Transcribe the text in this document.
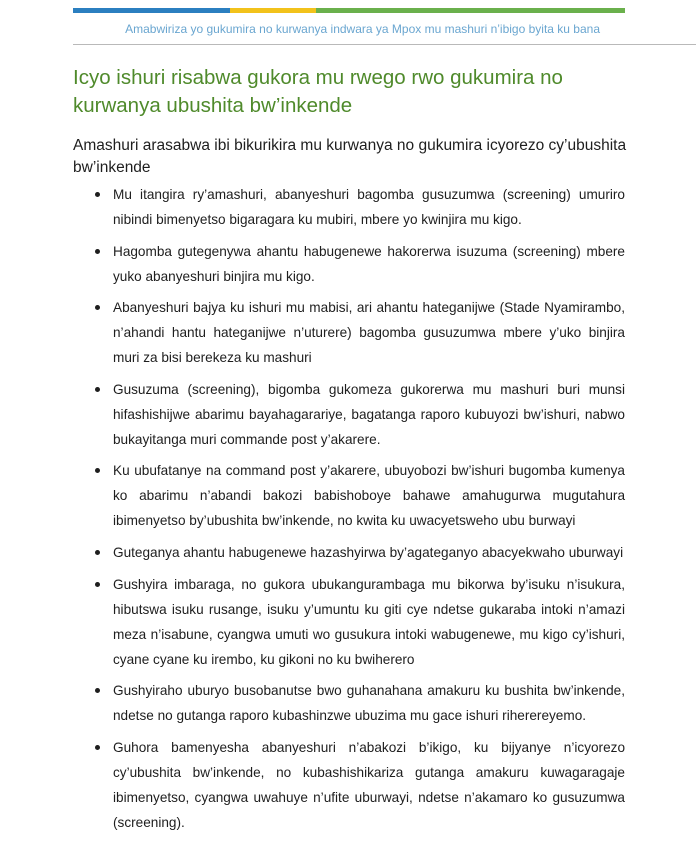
Amabwiriza yo gukumira no kurwanya indwara ya Mpox mu mashuri n’ibigo byita ku bana
Icyo ishuri risabwa gukora mu rwego rwo gukumira no kurwanya ubushita bw’inkende

Amashuri arasabwa ibi bikurikira mu kurwanya no gukumira icyorezo cy’ubushita bw’inkende

Mu itangira ry’amashuri, abanyeshuri bagomba gusuzumwa (screening) umuriro nibindi bimenyetso bigaragara ku mubiri, mbere yo kwinjira mu kigo.
Hagomba gutegenywa ahantu habugenewe hakorerwa isuzuma (screening) mbere yuko abanyeshuri binjira mu kigo.
Abanyeshuri bajya ku ishuri mu mabisi, ari ahantu hateganijwe (Stade Nyamirambo, n’ahandi hantu hateganijwe n’uturere) bagomba gusuzumwa mbere y’uko binjira muri za bisi berekeza ku mashuri
Gusuzuma (screening), bigomba gukomeza gukorerwa mu mashuri buri munsi hifashishijwe abarimu bayahagarariye, bagatanga raporo kubuyozi bw’ishuri, nabwo bukayitanga muri commande post y’akarere.
Ku ubufatanye na command post y’akarere, ubuyobozi bw’ishuri bugomba kumenya ko abarimu n’abandi bakozi babishoboye bahawe amahugurwa mugutahura ibimenyetso by’ubushita bw’inkende, no kwita ku uwacyetsweho ubu burwayi
Guteganya ahantu habugenewe hazashyirwa by’agateganyo abacyekwaho uburwayi
Gushyira imbaraga, no gukora ubukangurambaga mu bikorwa by’isuku n’isukura, hibutswa isuku rusange, isuku y’umuntu ku giti cye ndetse gukaraba intoki n’amazi meza n’isabune, cyangwa umuti wo gusukura intoki wabugenewe, mu kigo cy’ishuri, cyane cyane ku irembo, ku gikoni no ku bwiherero
Gushyiraho uburyo busobanutse bwo guhanahana amakuru ku bushita bw’inkende, ndetse no gutanga raporo kubashinzwe ubuzima mu gace ishuri riherereyemo.
Guhora bamenyesha abanyeshuri n’abakozi b’ikigo, ku bijyanye n’icyorezo cy’ubushita bw’inkende, no kubashishikariza gutanga amakuru kuwagaragaje ibimenyetso, cyangwa uwahuye n’ufite uburwayi, ndetse n’akamaro ko gusuzumwa (screening).
